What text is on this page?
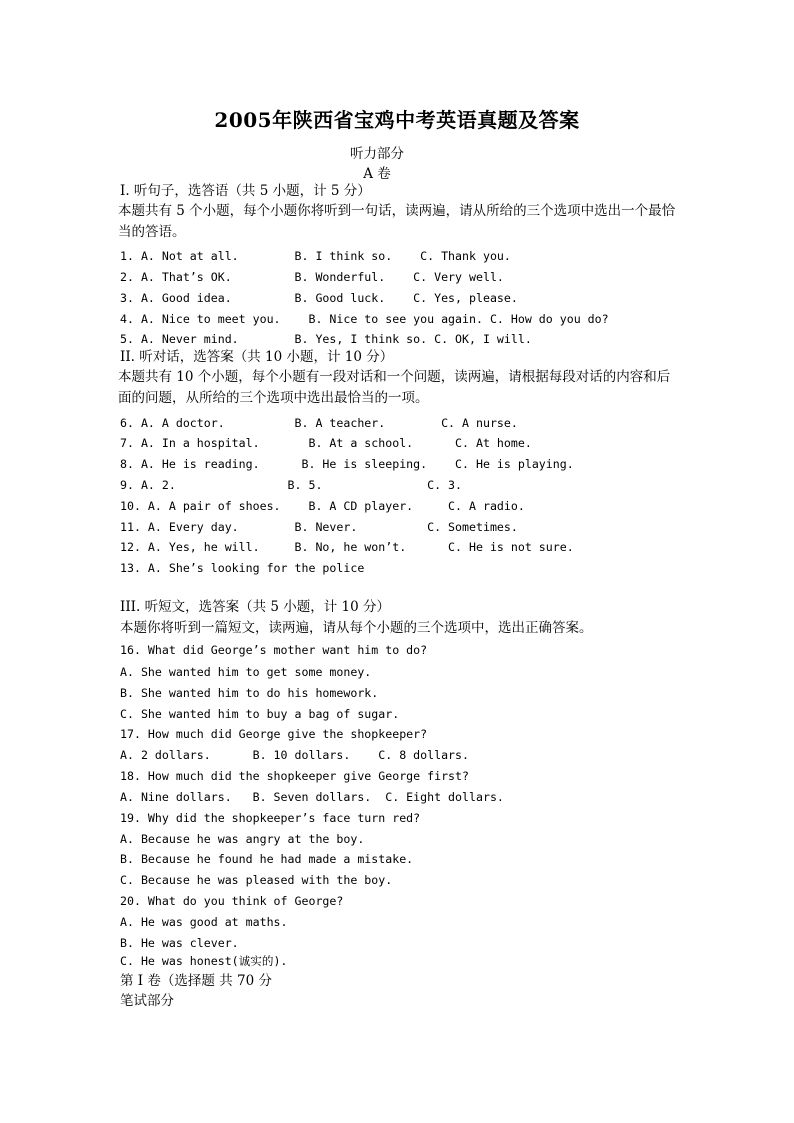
2005年陕西省宝鸡中考英语真题及答案
听力部分
A 卷
I. 听句子，选答语（共 5 小题，计 5 分）
本题共有 5 个小题，每个小题你将听到一句话，读两遍，请从所给的三个选项中选出一个最恰当的答语。
1. A. Not at all.        B. I think so.    C. Thank you.
2. A. That’s OK.         B. Wonderful.    C. Very well.
3. A. Good idea.         B. Good luck.    C. Yes, please.
4. A. Nice to meet you.    B. Nice to see you again. C. How do you do?
5. A. Never mind.        B. Yes, I think so. C. OK, I will.
II. 听对话，选答案（共 10 小题，计 10 分）
本题共有 10 个小题，每个小题有一段对话和一个问题，读两遍，请根据每段对话的内容和后面的问题，从所给的三个选项中选出最恰当的一项。
6. A. A doctor.          B. A teacher.        C. A nurse.
7. A. In a hospital.       B. At a school.      C. At home.
8. A. He is reading.      B. He is sleeping.    C. He is playing.
9. A. 2.                B. 5.               C. 3.
10. A. A pair of shoes.    B. A CD player.     C. A radio.
11. A. Every day.        B. Never.          C. Sometimes.
12. A. Yes, he will.     B. No, he won’t.      C. He is not sure.
13. A. She’s looking for the police
III. 听短文，选答案（共 5 小题，计 10 分）
本题你将听到一篇短文，读两遍，请从每个小题的三个选项中，选出正确答案。
16. What did George’s mother want him to do?
A. She wanted him to get some money.
B. She wanted him to do his homework.
C. She wanted him to buy a bag of sugar.
17. How much did George give the shopkeeper?
A. 2 dollars.      B. 10 dollars.    C. 8 dollars.
18. How much did the shopkeeper give George first?
A. Nine dollars.   B. Seven dollars.  C. Eight dollars.
19. Why did the shopkeeper’s face turn red?
A. Because he was angry at the boy.
B. Because he found he had made a mistake.
C. Because he was pleased with the boy.
20. What do you think of George?
A. He was good at maths.
B. He was clever.
C. He was honest(诚实的).
第 I 卷（选择题 共 70 分
笔试部分
